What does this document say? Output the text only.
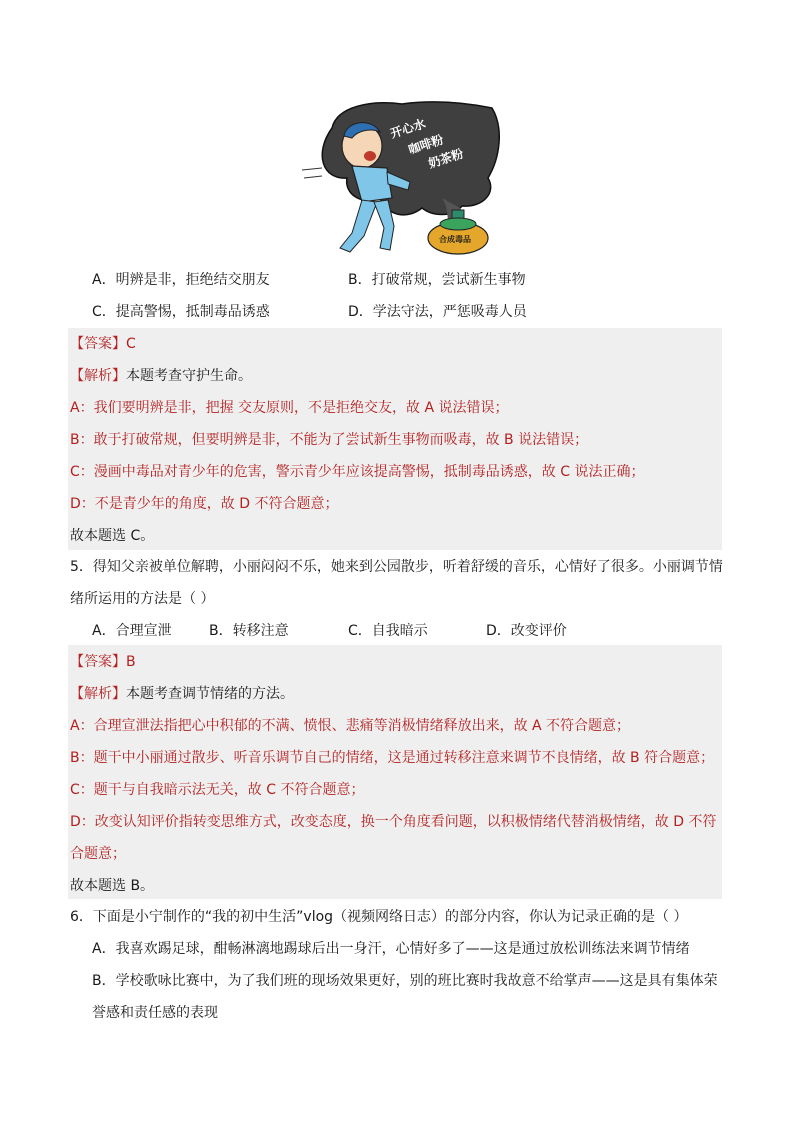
开心水
咖啡粉
奶茶粉
合成毒品
A．明辨是非，拒绝结交朋友	B．打破常规，尝试新生事物
C．提高警惕，抵制毒品诱惑	D．学法守法，严惩吸毒人员
【答案】C
【解析】本题考查守护生命。
A：我们要明辨是非，把握 交友原则，不是拒绝交友，故 A 说法错误；
B：敢于打破常规，但要明辨是非，不能为了尝试新生事物而吸毒，故 B 说法错误；
C：漫画中毒品对青少年的危害，警示青少年应该提高警惕，抵制毒品诱惑，故 C 说法正确；
D：不是青少年的角度，故 D 不符合题意；
故本题选 C。
5．得知父亲被单位解聘，小丽闷闷不乐，她来到公园散步，听着舒缓的音乐，心情好了很多。小丽调节情
绪所运用的方法是（ ）
A．合理宣泄	B．转移注意	C．自我暗示	D．改变评价
【答案】B
【解析】本题考查调节情绪的方法。
A：合理宣泄法指把心中积郁的不满、愤恨、悲痛等消极情绪释放出来，故 A 不符合题意；
B：题干中小丽通过散步、听音乐调节自己的情绪，这是通过转移注意来调节不良情绪，故 B 符合题意；
C：题干与自我暗示法无关，故 C 不符合题意；
D：改变认知评价指转变思维方式，改变态度，换一个角度看问题，以积极情绪代替消极情绪，故 D 不符
合题意；
故本题选 B。
6．下面是小宁制作的“我的初中生活”vlog（视频网络日志）的部分内容，你认为记录正确的是（ ）
A．我喜欢踢足球，酣畅淋漓地踢球后出一身汗，心情好多了——这是通过放松训练法来调节情绪
B．学校歌咏比赛中，为了我们班的现场效果更好，别的班比赛时我故意不给掌声——这是具有集体荣
誉感和责任感的表现
